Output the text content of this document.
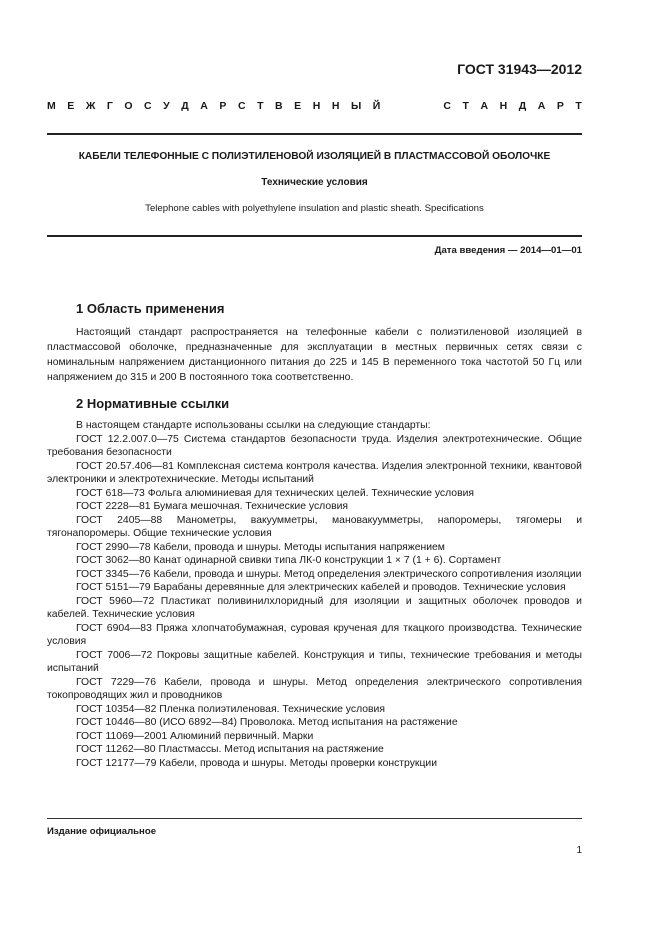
ГОСТ 31943—2012
М Е Ж Г О С У Д А Р С Т В Е Н Н Ы Й	С Т А Н Д А Р Т
КАБЕЛИ ТЕЛЕФОННЫЕ С ПОЛИЭТИЛЕНОВОЙ ИЗОЛЯЦИЕЙ В ПЛАСТМАССОВОЙ ОБОЛОЧКЕ
Технические условия
Telephone cables with polyethylene insulation and plastic sheath. Specifications
Дата введения — 2014—01—01
1 Область применения
Настоящий стандарт распространяется на телефонные кабели с полиэтиленовой изоляцией в пластмассовой оболочке, предназначенные для эксплуатации в местных первичных сетях связи с номинальным напряжением дистанционного питания до 225 и 145 В переменного тока частотой 50 Гц или напряжением до 315 и 200 В постоянного тока соответственно.
2 Нормативные ссылки

В настоящем стандарте использованы ссылки на следующие стандарты:

ГОСТ 12.2.007.0—75 Система стандартов безопасности труда. Изделия электротехнические. Общие требования безопасности

ГОСТ 20.57.406—81 Комплексная система контроля качества. Изделия электронной техники, квантовой электроники и электротехнические. Методы испытаний

ГОСТ 618—73 Фольга алюминиевая для технических целей. Технические условия

ГОСТ 2228—81 Бумага мешочная. Технические условия

ГОСТ 2405—88 Манометры, вакуумметры, мановакуумметры, напоромеры, тягомеры и тягонапоромеры. Общие технические условия

ГОСТ 2990—78 Кабели, провода и шнуры. Методы испытания напряжением

ГОСТ 3062—80 Канат одинарной свивки типа ЛК-0 конструкции 1 × 7 (1 + 6). Сортамент

ГОСТ 3345—76 Кабели, провода и шнуры. Метод определения электрического сопротивления изоляции

ГОСТ 5151—79 Барабаны деревянные для электрических кабелей и проводов. Технические условия

ГОСТ 5960—72 Пластикат поливинилхлоридный для изоляции и защитных оболочек проводов и кабелей. Технические условия

ГОСТ 6904—83 Пряжа хлопчатобумажная, суровая крученая для ткацкого производства. Технические условия

ГОСТ 7006—72 Покровы защитные кабелей. Конструкция и типы, технические требования и методы испытаний

ГОСТ 7229—76 Кабели, провода и шнуры. Метод определения электрического сопротивления токопроводящих жил и проводников

ГОСТ 10354—82 Пленка полиэтиленовая. Технические условия

ГОСТ 10446—80 (ИСО 6892—84) Проволока. Метод испытания на растяжение

ГОСТ 11069—2001 Алюминий первичный. Марки

ГОСТ 11262—80 Пластмассы. Метод испытания на растяжение

ГОСТ 12177—79 Кабели, провода и шнуры. Методы проверки конструкции

Издание официальное
1
